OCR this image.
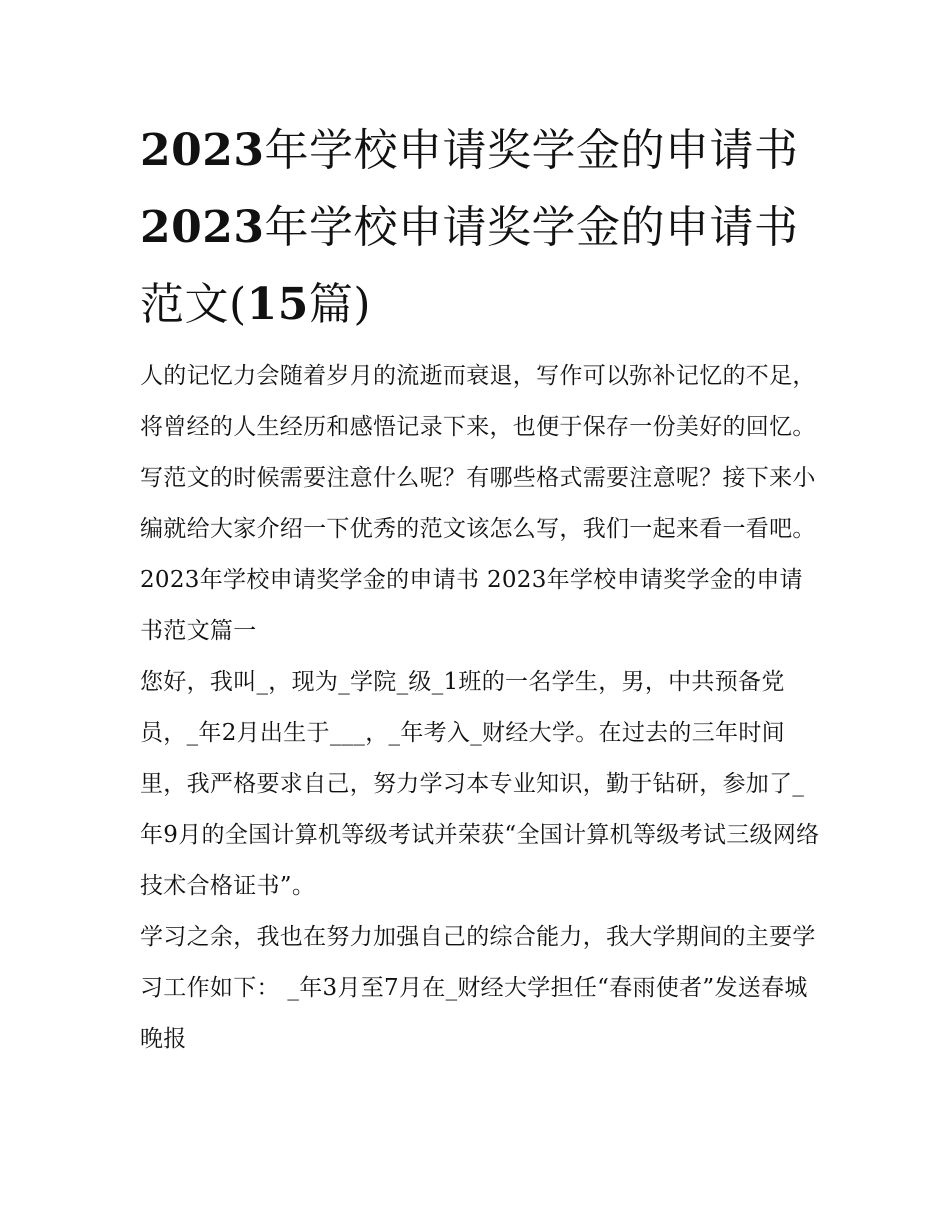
2023年学校申请奖学金的申请书 2023年学校申请奖学金的申请书范文(15篇)

人的记忆力会随着岁月的流逝而衰退，写作可以弥补记忆的不足，将曾经的人生经历和感悟记录下来，也便于保存一份美好的回忆。写范文的时候需要注意什么呢？有哪些格式需要注意呢？接下来小编就给大家介绍一下优秀的范文该怎么写，我们一起来看一看吧。

2023年学校申请奖学金的申请书 2023年学校申请奖学金的申请书范文篇一

您好，我叫_，现为_学院_级_1班的一名学生，男，中共预备党员，_年2月出生于___，_年考入_财经大学。在过去的三年时间里，我严格要求自己，努力学习本专业知识，勤于钻研，参加了_年9月的全国计算机等级考试并荣获“全国计算机等级考试三级网络技术合格证书”。

学习之余，我也在努力加强自己的综合能力，我大学期间的主要学习工作如下： _年3月至7月在_财经大学担任“春雨使者”发送春城晚报
